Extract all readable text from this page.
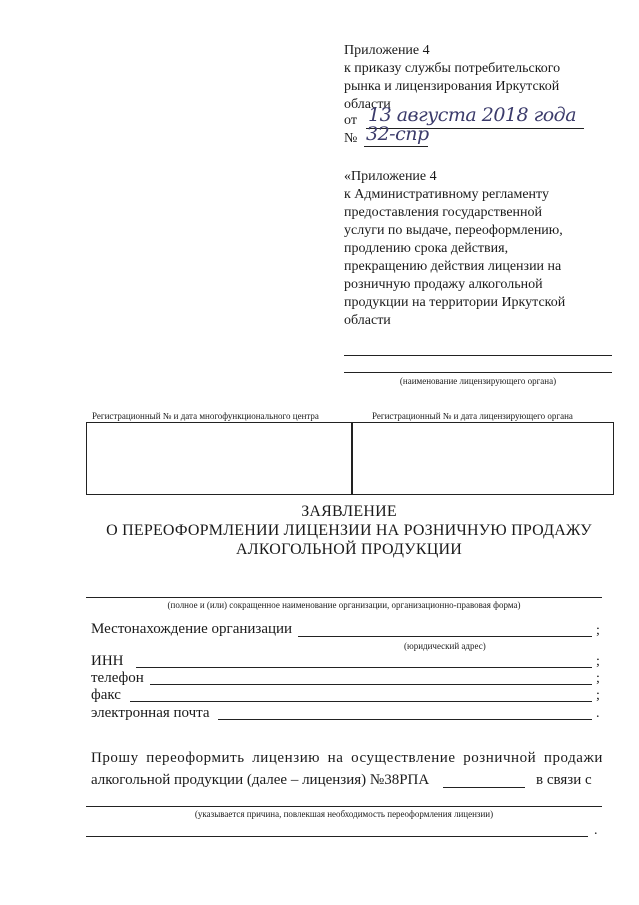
Приложение 4
к приказу службы потребительского
рынка и лицензирования Иркутской
области
от 13 августа 2018 года
№ 32-спр
«Приложение 4
к Административному регламенту
предоставления государственной
услуги по выдаче, переоформлению,
продлению срока действия,
прекращению действия лицензии на
розничную продажу алкогольной
продукции на территории Иркутской
области
(наименование лицензирующего органа)
Регистрационный № и дата многофункционального центра	Регистрационный № и дата лицензирующего органа
ЗАЯВЛЕНИЕ
О ПЕРЕОФОРМЛЕНИИ ЛИЦЕНЗИИ НА РОЗНИЧНУЮ ПРОДАЖУ
АЛКОГОЛЬНОЙ ПРОДУКЦИИ
(полное и (или) сокращенное наименование организации, организационно-правовая форма)
Местонахождение организации	;
(юридический адрес)
ИНН	;
телефон	;
факс	;
электронная почта	.
Прошу переоформить лицензию на осуществление розничной продажи
алкогольной продукции (далее – лицензия) №38РПА	в связи с
(указывается причина, повлекшая необходимость переоформления лицензии)
.
